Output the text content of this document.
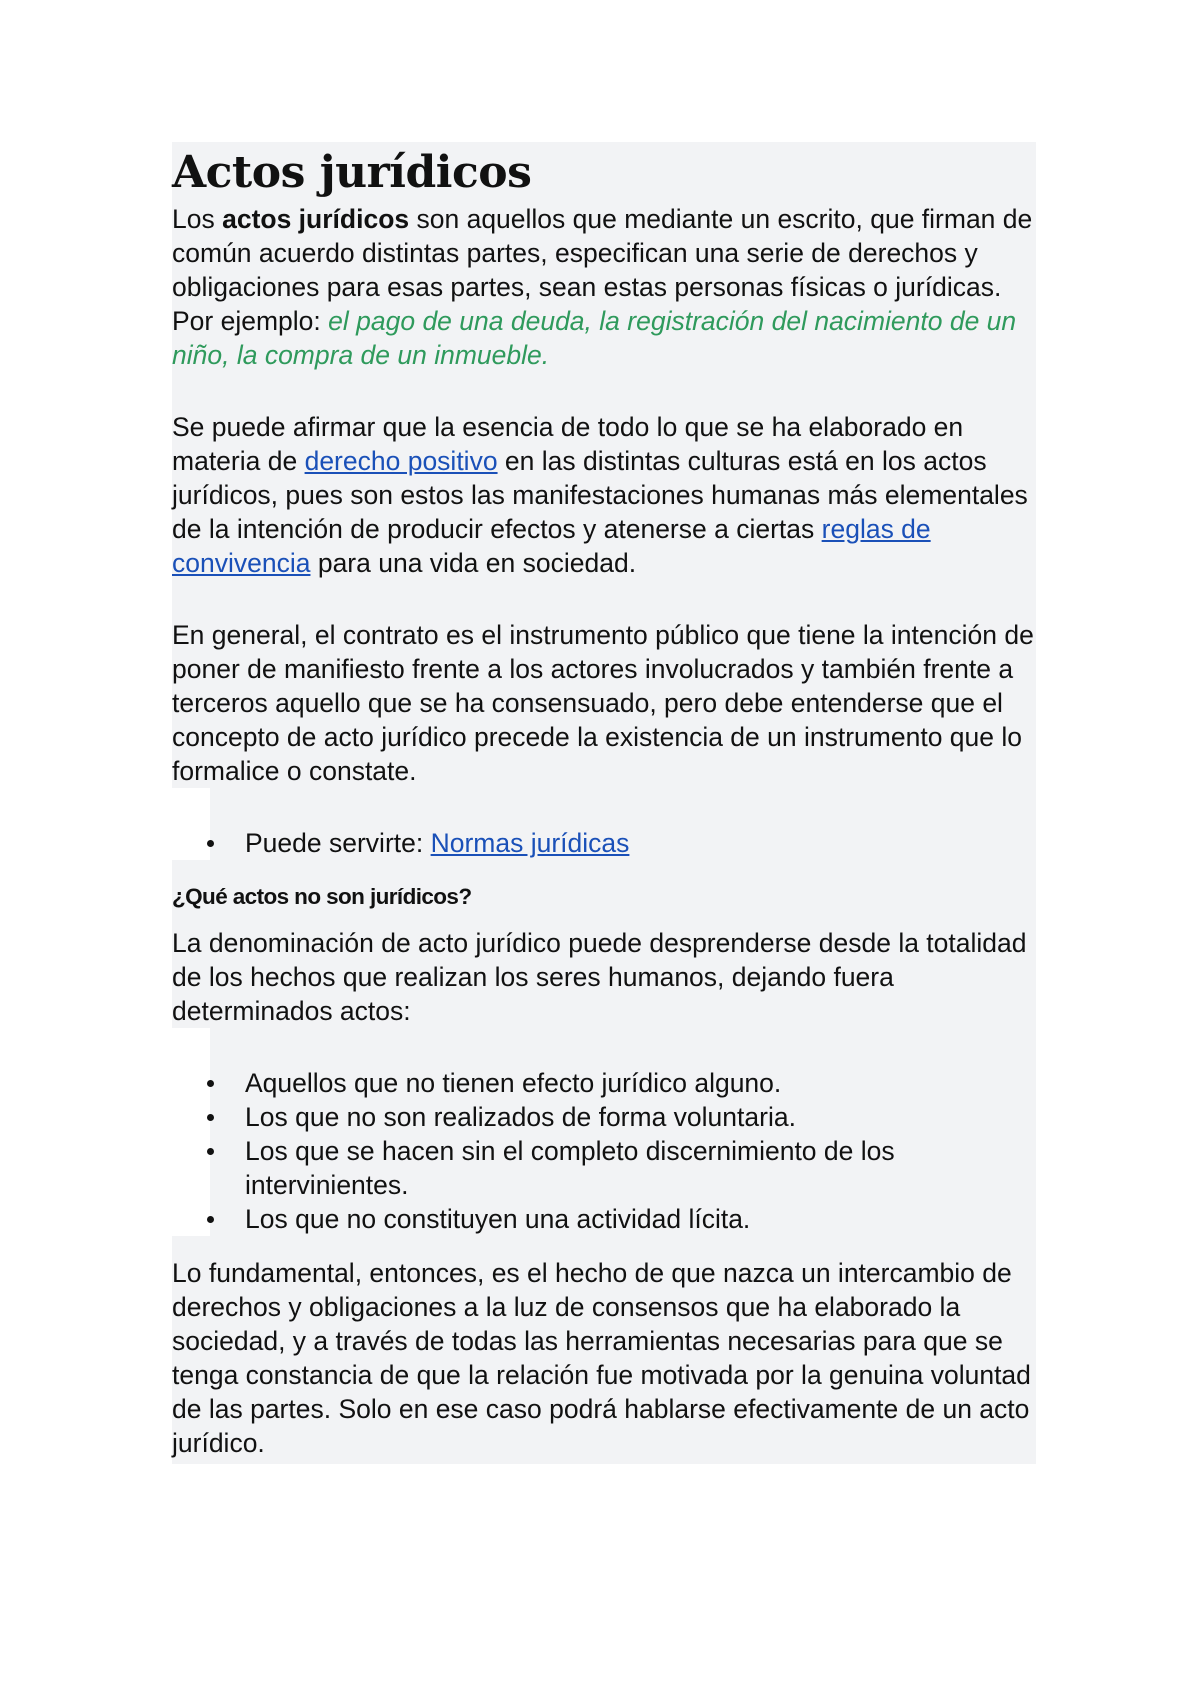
Actos jurídicos

Los actos jurídicos son aquellos que mediante un escrito, que firman de común acuerdo distintas partes, especifican una serie de derechos y obligaciones para esas partes, sean estas personas físicas o jurídicas. Por ejemplo: el pago de una deuda, la registración del nacimiento de un niño, la compra de un inmueble.

Se puede afirmar que la esencia de todo lo que se ha elaborado en materia de derecho positivo en las distintas culturas está en los actos jurídicos, pues son estos las manifestaciones humanas más elementales de la intención de producir efectos y atenerse a ciertas reglas de convivencia para una vida en sociedad.

En general, el contrato es el instrumento público que tiene la intención de poner de manifiesto frente a los actores involucrados y también frente a terceros aquello que se ha consensuado, pero debe entenderse que el concepto de acto jurídico precede la existencia de un instrumento que lo formalice o constate.

Puede servirte: Normas jurídicas
¿Qué actos no son jurídicos?

La denominación de acto jurídico puede desprenderse desde la totalidad de los hechos que realizan los seres humanos, dejando fuera determinados actos:

Aquellos que no tienen efecto jurídico alguno.
Los que no son realizados de forma voluntaria.
Los que se hacen sin el completo discernimiento de los intervinientes.
Los que no constituyen una actividad lícita.

Lo fundamental, entonces, es el hecho de que nazca un intercambio de derechos y obligaciones a la luz de consensos que ha elaborado la sociedad, y a través de todas las herramientas necesarias para que se tenga constancia de que la relación fue motivada por la genuina voluntad de las partes. Solo en ese caso podrá hablarse efectivamente de un acto jurídico.
